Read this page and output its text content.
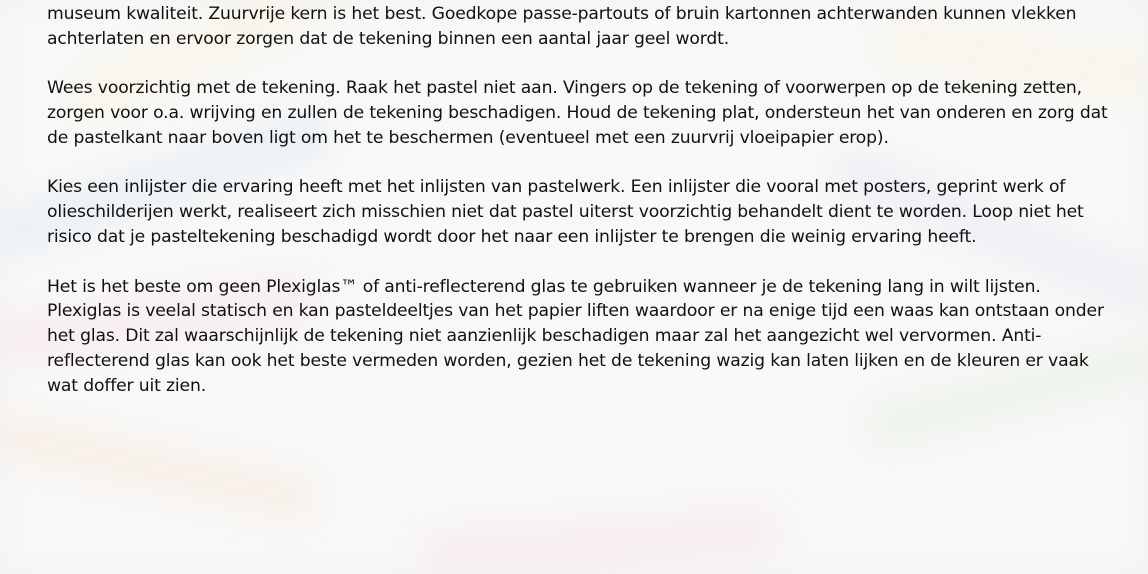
museum kwaliteit. Zuurvrije kern is het best. Goedkope passe-partouts of bruin kartonnen achterwanden kunnen vlekken achterlaten en ervoor zorgen dat de tekening binnen een aantal jaar geel wordt.

Wees voorzichtig met de tekening. Raak het pastel niet aan. Vingers op de tekening of voorwerpen op de tekening zetten, zorgen voor o.a. wrijving en zullen de tekening beschadigen. Houd de tekening plat, ondersteun het van onderen en zorg dat de pastelkant naar boven ligt om het te beschermen (eventueel met een zuurvrij vloeipapier erop).

Kies een inlijster die ervaring heeft met het inlijsten van pastelwerk. Een inlijster die vooral met posters, geprint werk of olieschilderijen werkt, realiseert zich misschien niet dat pastel uiterst voorzichtig behandelt dient te worden. Loop niet het risico dat je pasteltekening beschadigd wordt door het naar een inlijster te brengen die weinig ervaring heeft.

Het is het beste om geen Plexiglas™ of anti-reflecterend glas te gebruiken wanneer je de tekening lang in wilt lijsten. Plexiglas is veelal statisch en kan pasteldeeltjes van het papier liften waardoor er na enige tijd een waas kan ontstaan onder het glas. Dit zal waarschijnlijk de tekening niet aanzienlijk beschadigen maar zal het aangezicht wel vervormen. Anti-reflecterend glas kan ook het beste vermeden worden, gezien het de tekening wazig kan laten lijken en de kleuren er vaak wat doffer uit zien.
